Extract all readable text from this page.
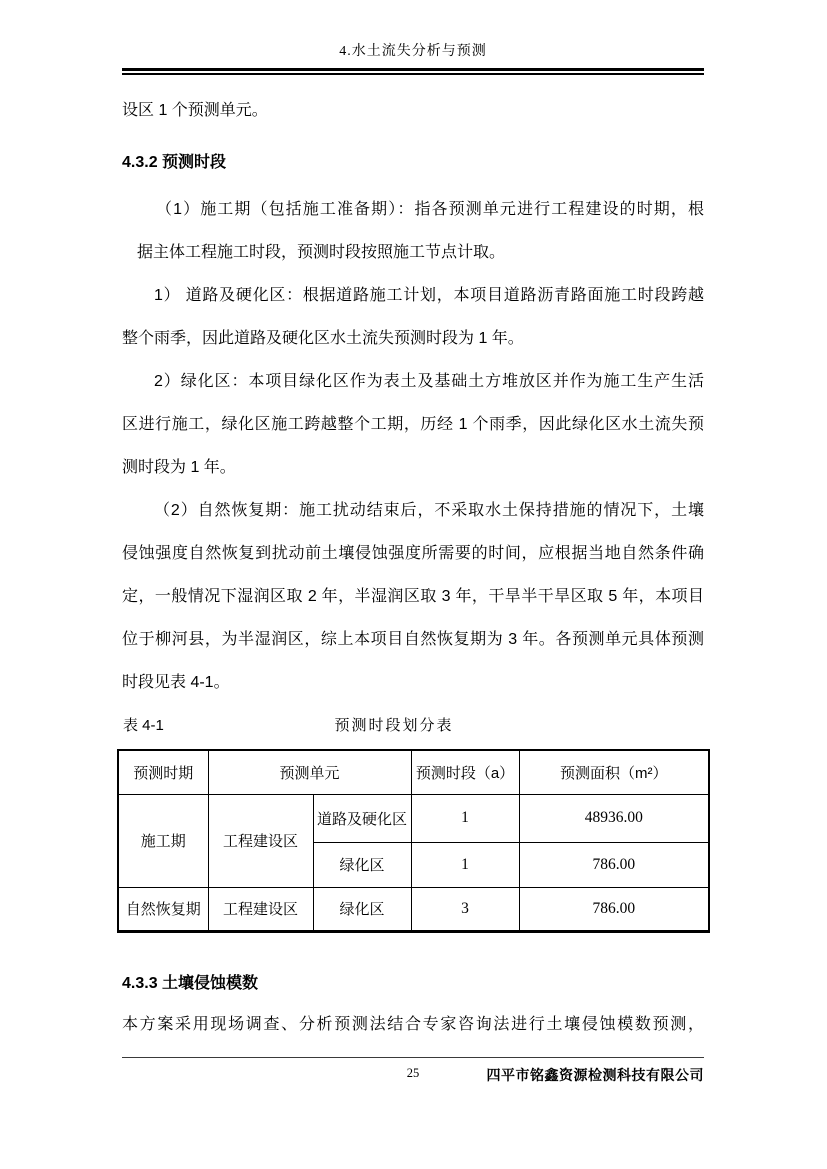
4.水土流失分析与预测
设区 1 个预测单元。
4.3.2 预测时段
（1）施工期（包括施工准备期）：指各预测单元进行工程建设的时期，根
据主体工程施工时段，预测时段按照施工节点计取。
1） 道路及硬化区：根据道路施工计划，本项目道路沥青路面施工时段跨越
整个雨季，因此道路及硬化区水土流失预测时段为 1 年。
2）绿化区：本项目绿化区作为表土及基础土方堆放区并作为施工生产生活
区进行施工，绿化区施工跨越整个工期，历经 1 个雨季，因此绿化区水土流失预
测时段为 1 年。
（2）自然恢复期：施工扰动结束后，不采取水土保持措施的情况下，土壤
侵蚀强度自然恢复到扰动前土壤侵蚀强度所需要的时间，应根据当地自然条件确
定，一般情况下湿润区取 2 年，半湿润区取 3 年，干旱半干旱区取 5 年，本项目
位于柳河县，为半湿润区，综上本项目自然恢复期为 3 年。各预测单元具体预测
时段见表 4-1。
表 4-1	预测时段划分表
预测时期	预测单元		预测时段（a）	预测面积（m²）
施工期	工程建设区	道路及硬化区	1	48936.00
		绿化区	1	786.00
自然恢复期	工程建设区	绿化区	3	786.00
4.3.3 土壤侵蚀模数
本方案采用现场调查、分析预测法结合专家咨询法进行土壤侵蚀模数预测，
25	四平市铭鑫资源检测科技有限公司
